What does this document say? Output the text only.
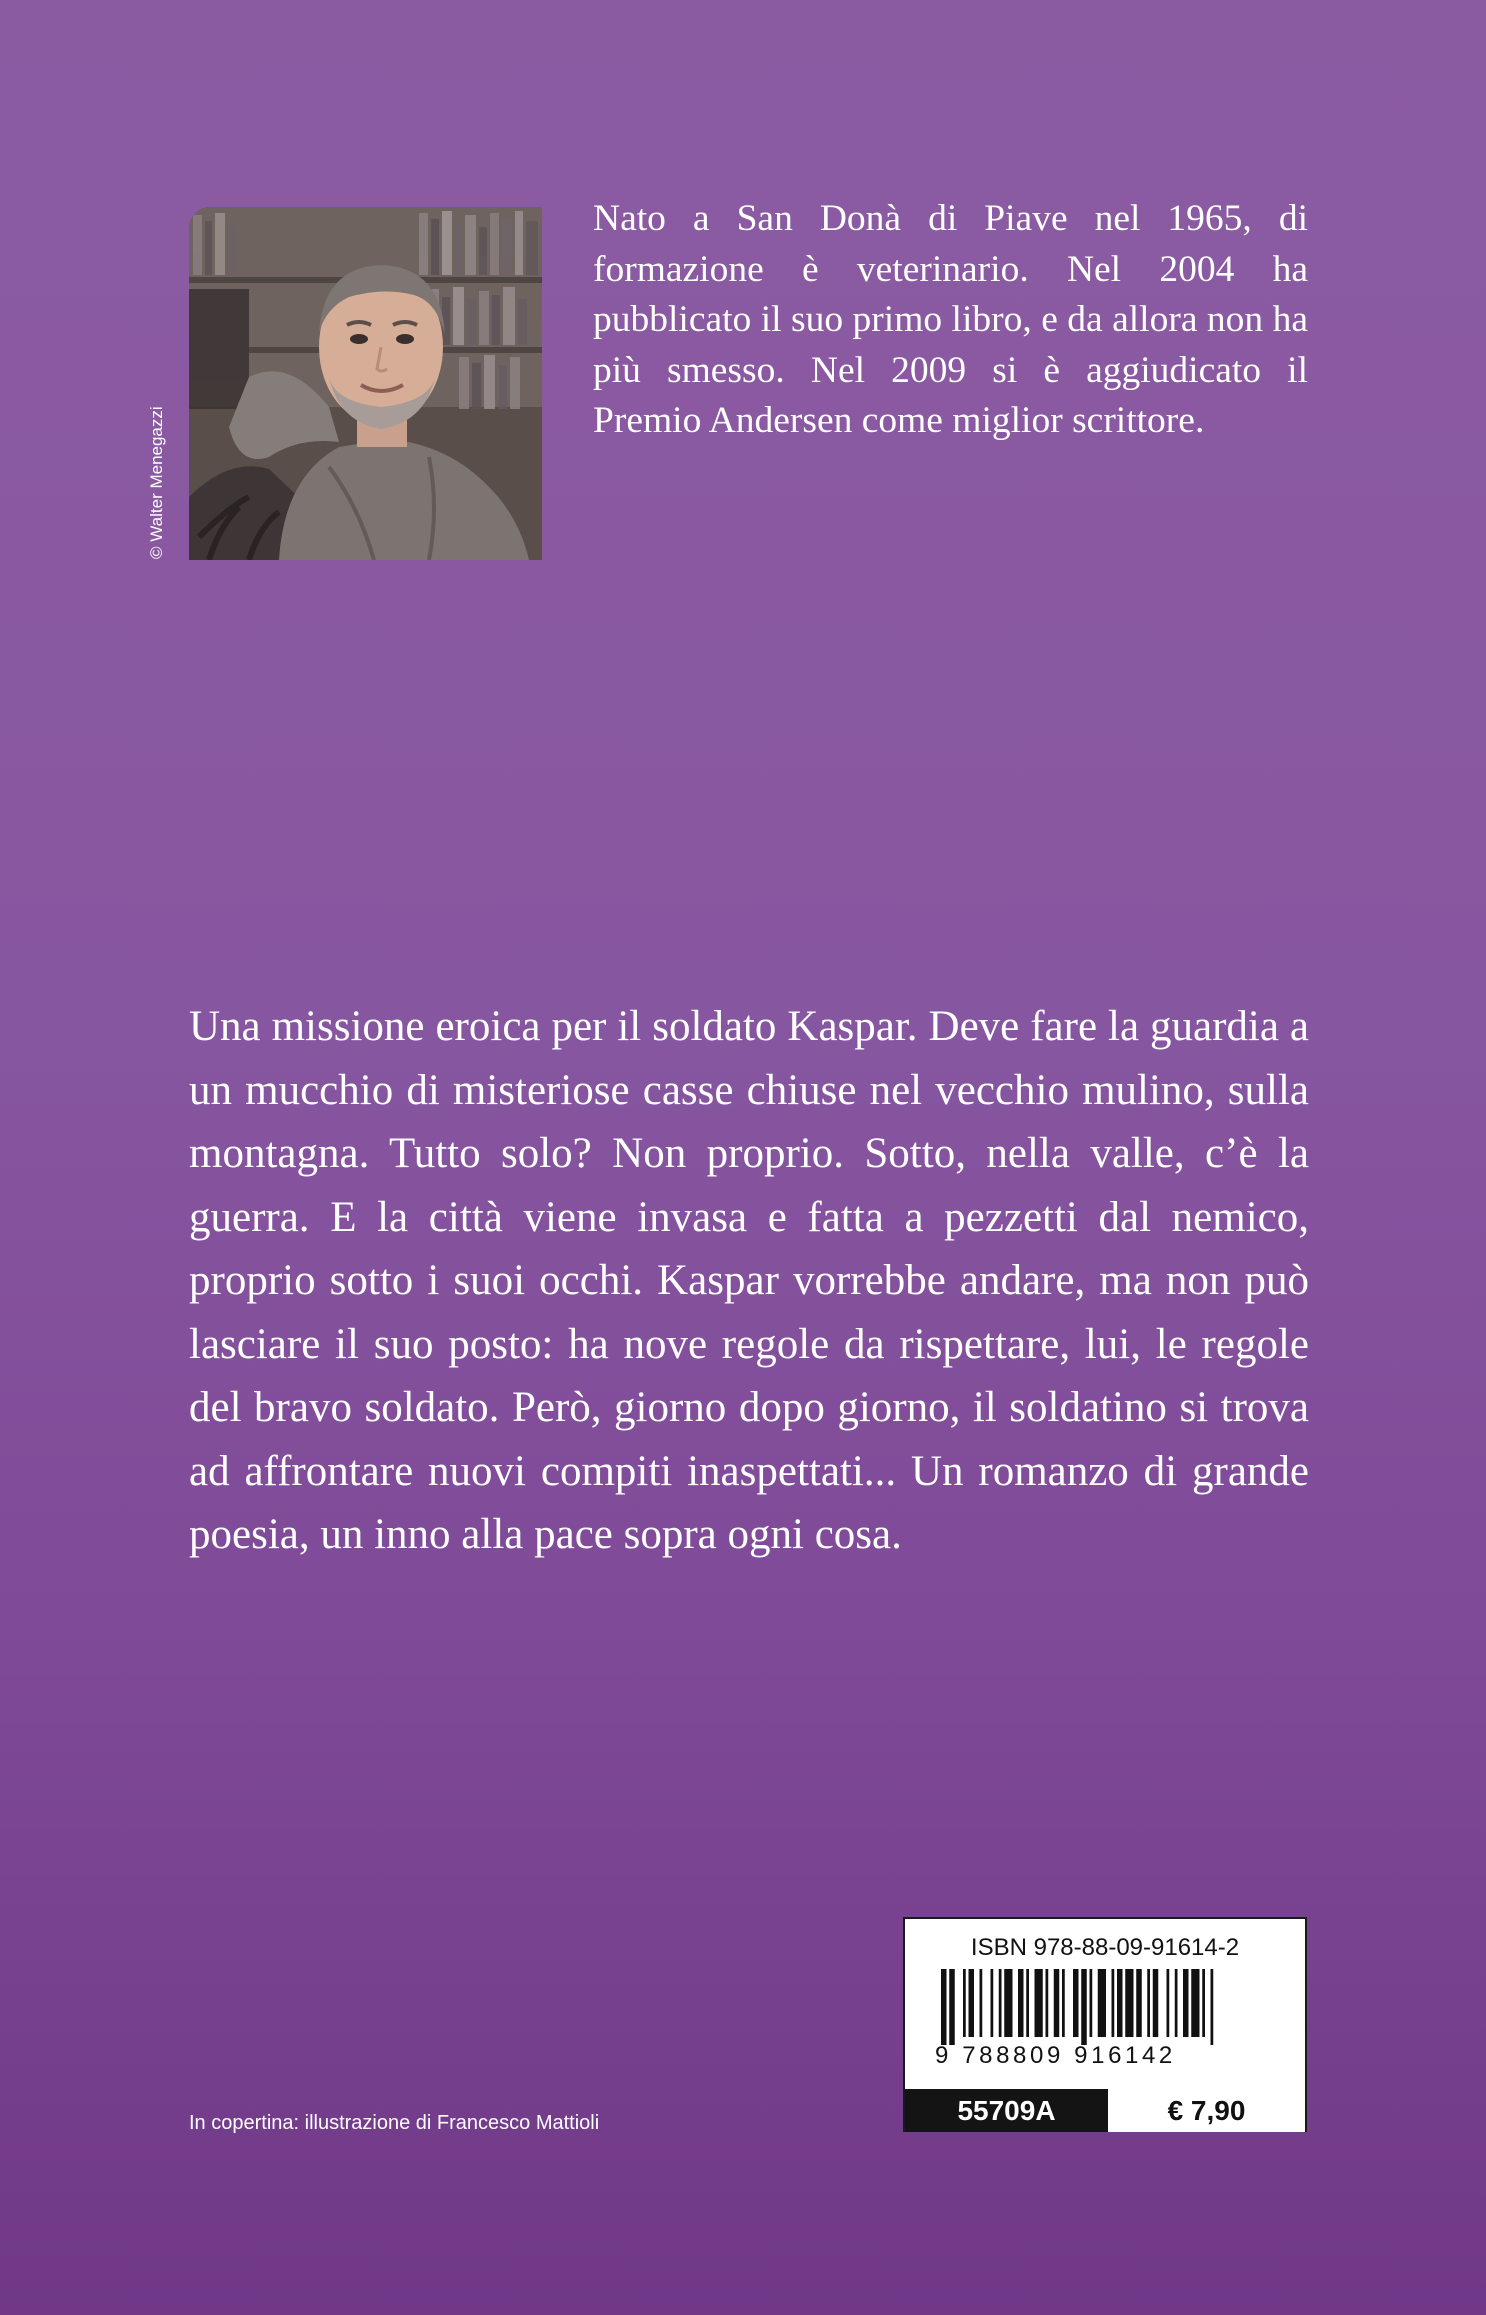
© Walter Menegazzi

Nato a San Donà di Piave nel 1965, di formazione è veterinario. Nel 2004 ha pubblicato il suo primo libro, e da allora non ha più smesso. Nel 2009 si è aggiudicato il Premio Andersen come miglior scrittore.

Una missione eroica per il soldato Kaspar. Deve fare la guardia a un mucchio di misteriose casse chiuse nel vecchio mulino, sulla montagna. Tutto solo? Non proprio. Sotto, nella valle, c’è la guerra. E la città viene invasa e fatta a pezzetti dal nemico, proprio sotto i suoi occhi. Kaspar vorrebbe andare, ma non può lasciare il suo posto: ha nove regole da rispettare, lui, le regole del bravo soldato. Però, giorno dopo giorno, il soldatino si trova ad affrontare nuovi compiti inaspettati... Un romanzo di grande poesia, un inno alla pace sopra ogni cosa.

In copertina: illustrazione di Francesco Mattioli
ISBN 978-88-09-91614-2
9 788809 916142
55709A	€ 7,90
